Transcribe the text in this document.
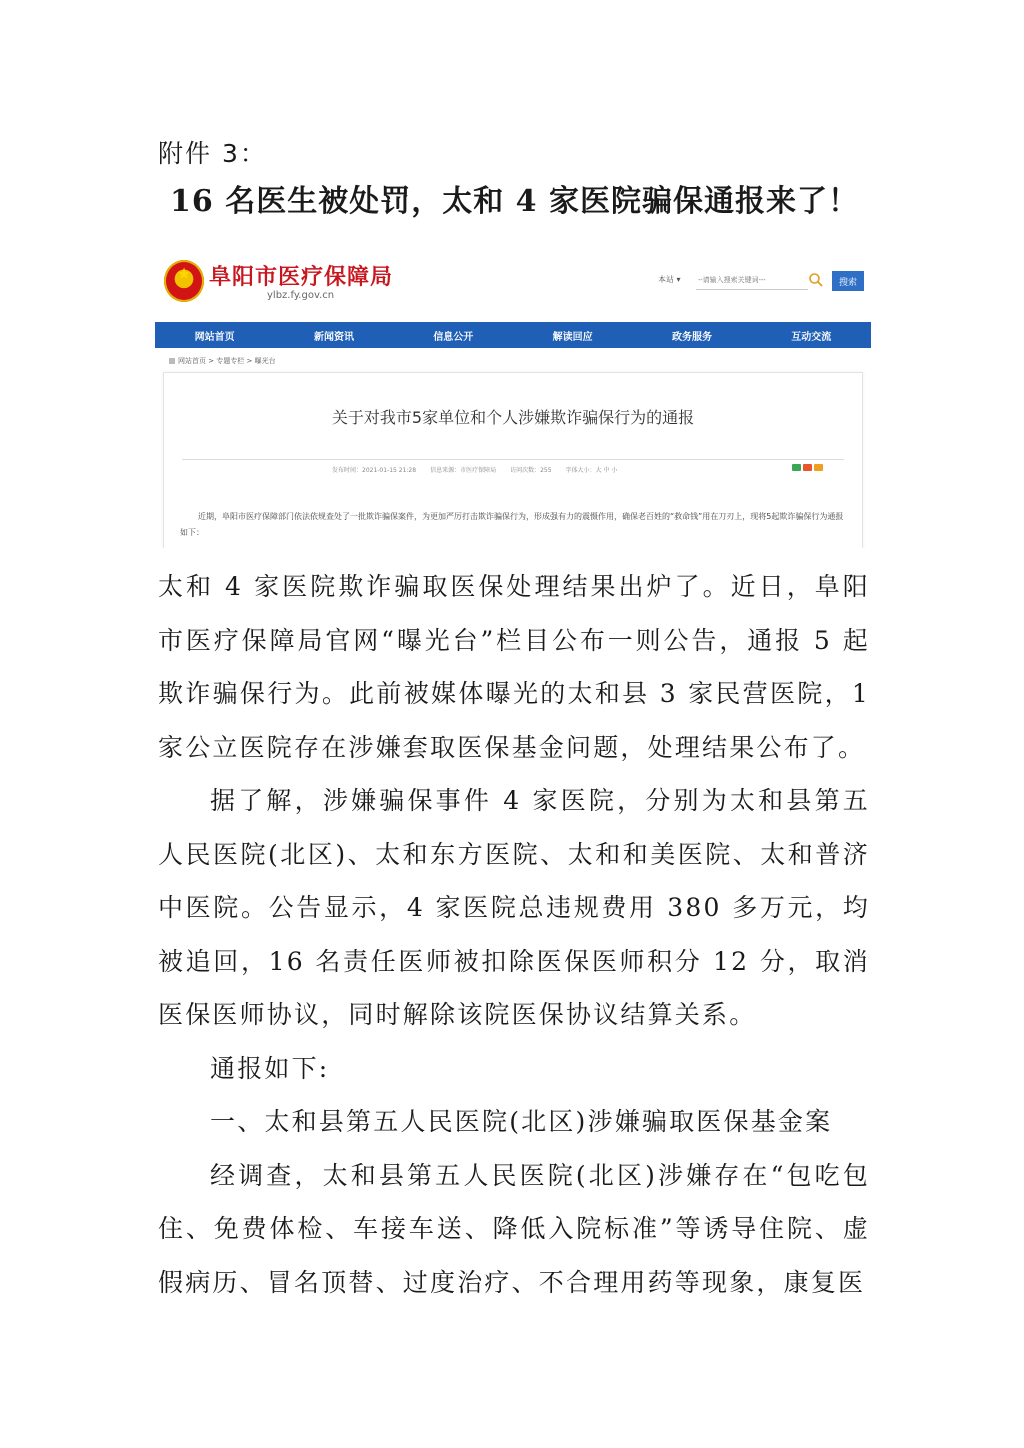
附件 3：
16 名医生被处罚，太和 4 家医院骗保通报来了！
★
阜阳市医疗保障局
ylbz.fy.gov.cn
本站 ▾
--请输入搜索关键词---	搜索
网站首页	新闻资讯	信息公开	解读回应	政务服务	互动交流
网站首页 > 专题专栏 > 曝光台
关于对我市5家单位和个人涉嫌欺诈骗保行为的通报
发布时间：2021-01-15 21:28 信息来源：市医疗保障局 访问次数：255 字体大小：大 中 小
近期，阜阳市医疗保障部门依法依规查处了一批欺诈骗保案件，为更加严厉打击欺诈骗保行为，形成强有力的震慑作用，确保老百姓的“救命钱”用在刀刃上，现将5起欺诈骗保行为通报如下：

太和 4 家医院欺诈骗取医保处理结果出炉了。近日，阜阳市医疗保障局官网“曝光台”栏目公布一则公告，通报 5 起欺诈骗保行为。此前被媒体曝光的太和县 3 家民营医院，1 家公立医院存在涉嫌套取医保基金问题，处理结果公布了。

据了解，涉嫌骗保事件 4 家医院，分别为太和县第五人民医院(北区)、太和东方医院、太和和美医院、太和普济中医院。公告显示，4 家医院总违规费用 380 多万元，均被追回，16 名责任医师被扣除医保医师积分 12 分，取消医保医师协议，同时解除该院医保协议结算关系。

通报如下:

一、太和县第五人民医院(北区)涉嫌骗取医保基金案

经调查，太和县第五人民医院(北区)涉嫌存在“包吃包住、免费体检、车接车送、降低入院标准”等诱导住院、虚假病历、冒名顶替、过度治疗、不合理用药等现象，康复医
